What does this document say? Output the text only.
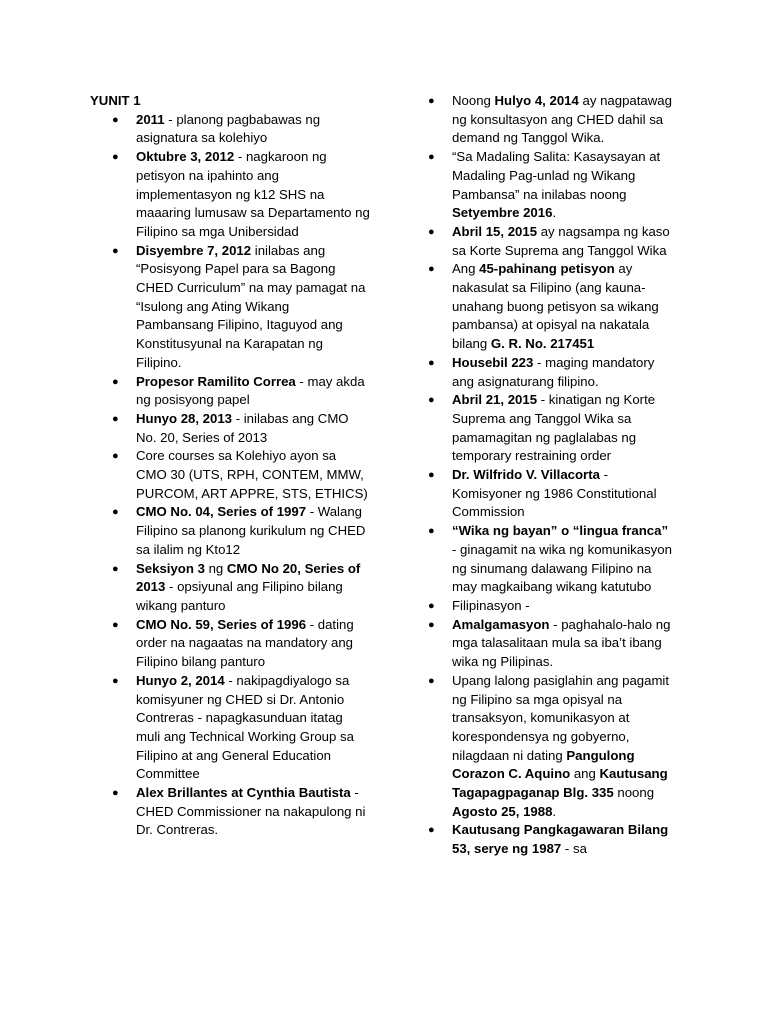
YUNIT 1

● 2011 - planong pagbabawas ng asignatura sa kolehiyo
● Oktubre 3, 2012 - nagkaroon ng petisyon na ipahinto ang implementasyon ng k12 SHS na maaaring lumusaw sa Departamento ng Filipino sa mga Unibersidad
● Disyembre 7, 2012 inilabas ang “Posisyong Papel para sa Bagong CHED Curriculum” na may pamagat na “Isulong ang Ating Wikang Pambansang Filipino, Itaguyod ang Konstitusyunal na Karapatan ng Filipino.
● Propesor Ramilito Correa - may akda ng posisyong papel
● Hunyo 28, 2013 - inilabas ang CMO No. 20, Series of 2013
● Core courses sa Kolehiyo ayon sa CMO 30 (UTS, RPH, CONTEM, MMW, PURCOM, ART APPRE, STS, ETHICS)
● CMO No. 04, Series of 1997 - Walang Filipino sa planong kurikulum ng CHED sa ilalim ng Kto12
● Seksiyon 3 ng CMO No 20, Series of 2013 - opsiyunal ang Filipino bilang wikang panturo
● CMO No. 59, Series of 1996 - dating order na nagaatas na mandatory ang Filipino bilang panturo
● Hunyo 2, 2014 - nakipagdiyalogo sa komisyuner ng CHED si Dr. Antonio Contreras - napagkasunduan itatag muli ang Technical Working Group sa Filipino at ang General Education Committee
● Alex Brillantes at Cynthia Bautista - CHED Commissioner na nakapulong ni Dr. Contreras.
● Noong Hulyo 4, 2014 ay nagpatawag ng konsultasyon ang CHED dahil sa demand ng Tanggol Wika.
● “Sa Madaling Salita: Kasaysayan at Madaling Pag-unlad ng Wikang Pambansa” na inilabas noong Setyembre 2016.
● Abril 15, 2015 ay nagsampa ng kaso sa Korte Suprema ang Tanggol Wika
● Ang 45-pahinang petisyon ay nakasulat sa Filipino (ang kauna-unahang buong petisyon sa wikang pambansa) at opisyal na nakatala bilang G. R. No. 217451
● Housebil 223 - maging mandatory ang asignaturang filipino.
● Abril 21, 2015 - kinatigan ng Korte Suprema ang Tanggol Wika sa pamamagitan ng paglalabas ng temporary restraining order
● Dr. Wilfrido V. Villacorta - Komisyoner ng 1986 Constitutional Commission
● “Wika ng bayan” o “lingua franca” - ginagamit na wika ng komunikasyon ng sinumang dalawang Filipino na may magkaibang wikang katutubo
● Filipinasyon -
● Amalgamasyon - paghahalo-halo ng mga talasalitaan mula sa iba’t ibang wika ng Pilipinas.
● Upang lalong pasiglahin ang pagamit ng Filipino sa mga opisyal na transaksyon, komunikasyon at korespondensya ng gobyerno, nilagdaan ni dating Pangulong Corazon C. Aquino ang Kautusang Tagapagpaganap Blg. 335 noong Agosto 25, 1988.
● Kautusang Pangkagawaran Bilang 53, serye ng 1987 - sa
